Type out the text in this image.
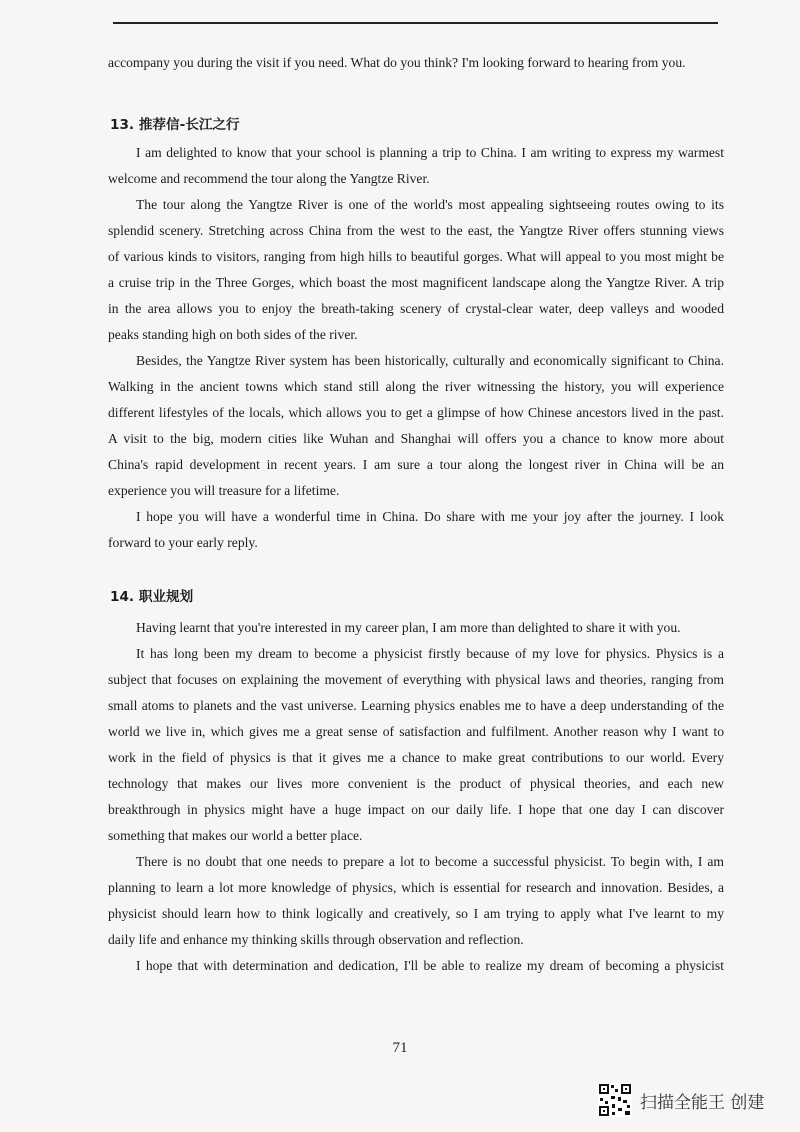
accompany you during the visit if you need. What do you think? I'm looking forward to hearing from you.
13. 推荐信-长江之行
I am delighted to know that your school is planning a trip to China. I am writing to express my warmest
welcome and recommend the tour along the Yangtze River.
The tour along the Yangtze River is one of the world's most appealing sightseeing routes owing to its
splendid scenery. Stretching across China from the west to the east, the Yangtze River offers stunning views
of various kinds to visitors, ranging from high hills to beautiful gorges. What will appeal to you most might be
a cruise trip in the Three Gorges, which boast the most magnificent landscape along the Yangtze River. A trip
in the area allows you to enjoy the breath-taking scenery of crystal-clear water, deep valleys and wooded
peaks standing high on both sides of the river.
Besides, the Yangtze River system has been historically, culturally and economically significant to China.
Walking in the ancient towns which stand still along the river witnessing the history, you will experience
different lifestyles of the locals, which allows you to get a glimpse of how Chinese ancestors lived in the past.
A visit to the big, modern cities like Wuhan and Shanghai will offers you a chance to know more about
China's rapid development in recent years. I am sure a tour along the longest river in China will be an
experience you will treasure for a lifetime.
I hope you will have a wonderful time in China. Do share with me your joy after the journey. I look
forward to your early reply.
14. 职业规划
Having learnt that you're interested in my career plan, I am more than delighted to share it with you.
It has long been my dream to become a physicist firstly because of my love for physics. Physics is a
subject that focuses on explaining the movement of everything with physical laws and theories, ranging from
small atoms to planets and the vast universe. Learning physics enables me to have a deep understanding of the
world we live in, which gives me a great sense of satisfaction and fulfilment. Another reason why I want to
work in the field of physics is that it gives me a chance to make great contributions to our world. Every
technology that makes our lives more convenient is the product of physical theories, and each new
breakthrough in physics might have a huge impact on our daily life. I hope that one day I can discover
something that makes our world a better place.
There is no doubt that one needs to prepare a lot to become a successful physicist. To begin with, I am
planning to learn a lot more knowledge of physics, which is essential for research and innovation. Besides, a
physicist should learn how to think logically and creatively, so I am trying to apply what I've learnt to my
daily life and enhance my thinking skills through observation and reflection.
I hope that with determination and dedication, I'll be able to realize my dream of becoming a physicist
71
扫描全能王 创建
